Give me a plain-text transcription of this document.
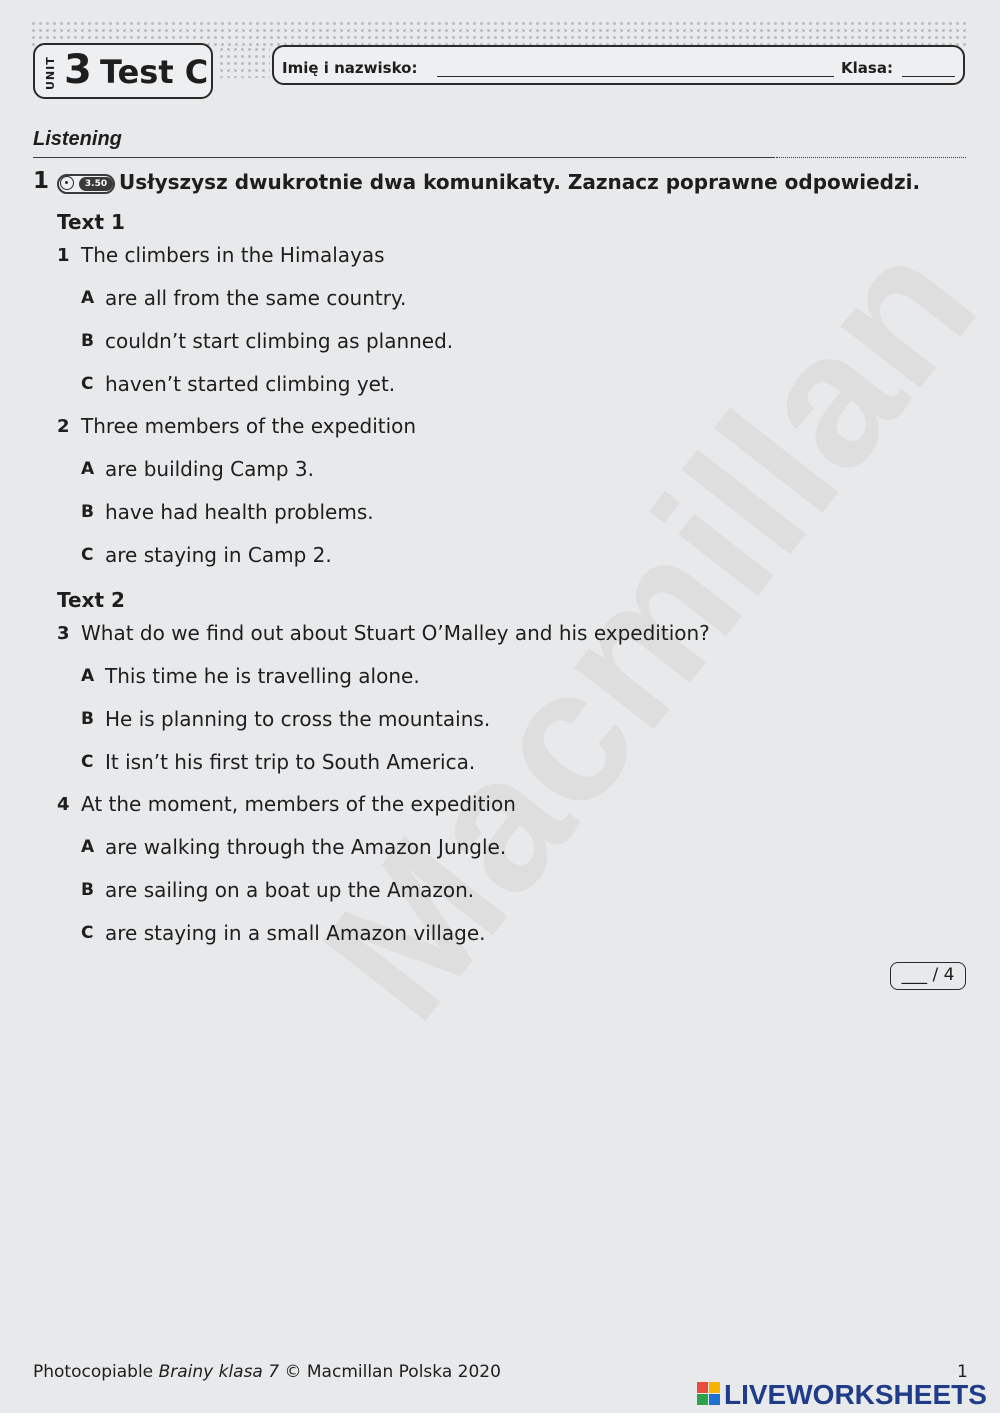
UNIT 3 Test C	Imię i nazwisko:	Klasa:
Listening
1	3.50 Usłyszysz dwukrotnie dwa komunikaty. Zaznacz poprawne odpowiedzi.
Text 1
1 The climbers in the Himalayas
A are all from the same country.
B couldn’t start climbing as planned.
C haven’t started climbing yet.
2 Three members of the expedition
A are building Camp 3.
B have had health problems.
C are staying in Camp 2.
Text 2
3 What do we find out about Stuart O’Malley and his expedition?
A This time he is travelling alone.
B He is planning to cross the mountains.
C It isn’t his first trip to South America.
4 At the moment, members of the expedition
A are walking through the Amazon Jungle.
B are sailing on a boat up the Amazon.
C are staying in a small Amazon village.
___ / 4
Photocopiable Brainy klasa 7 © Macmillan Polska 2020	1
LIVEWORKSHEETS
